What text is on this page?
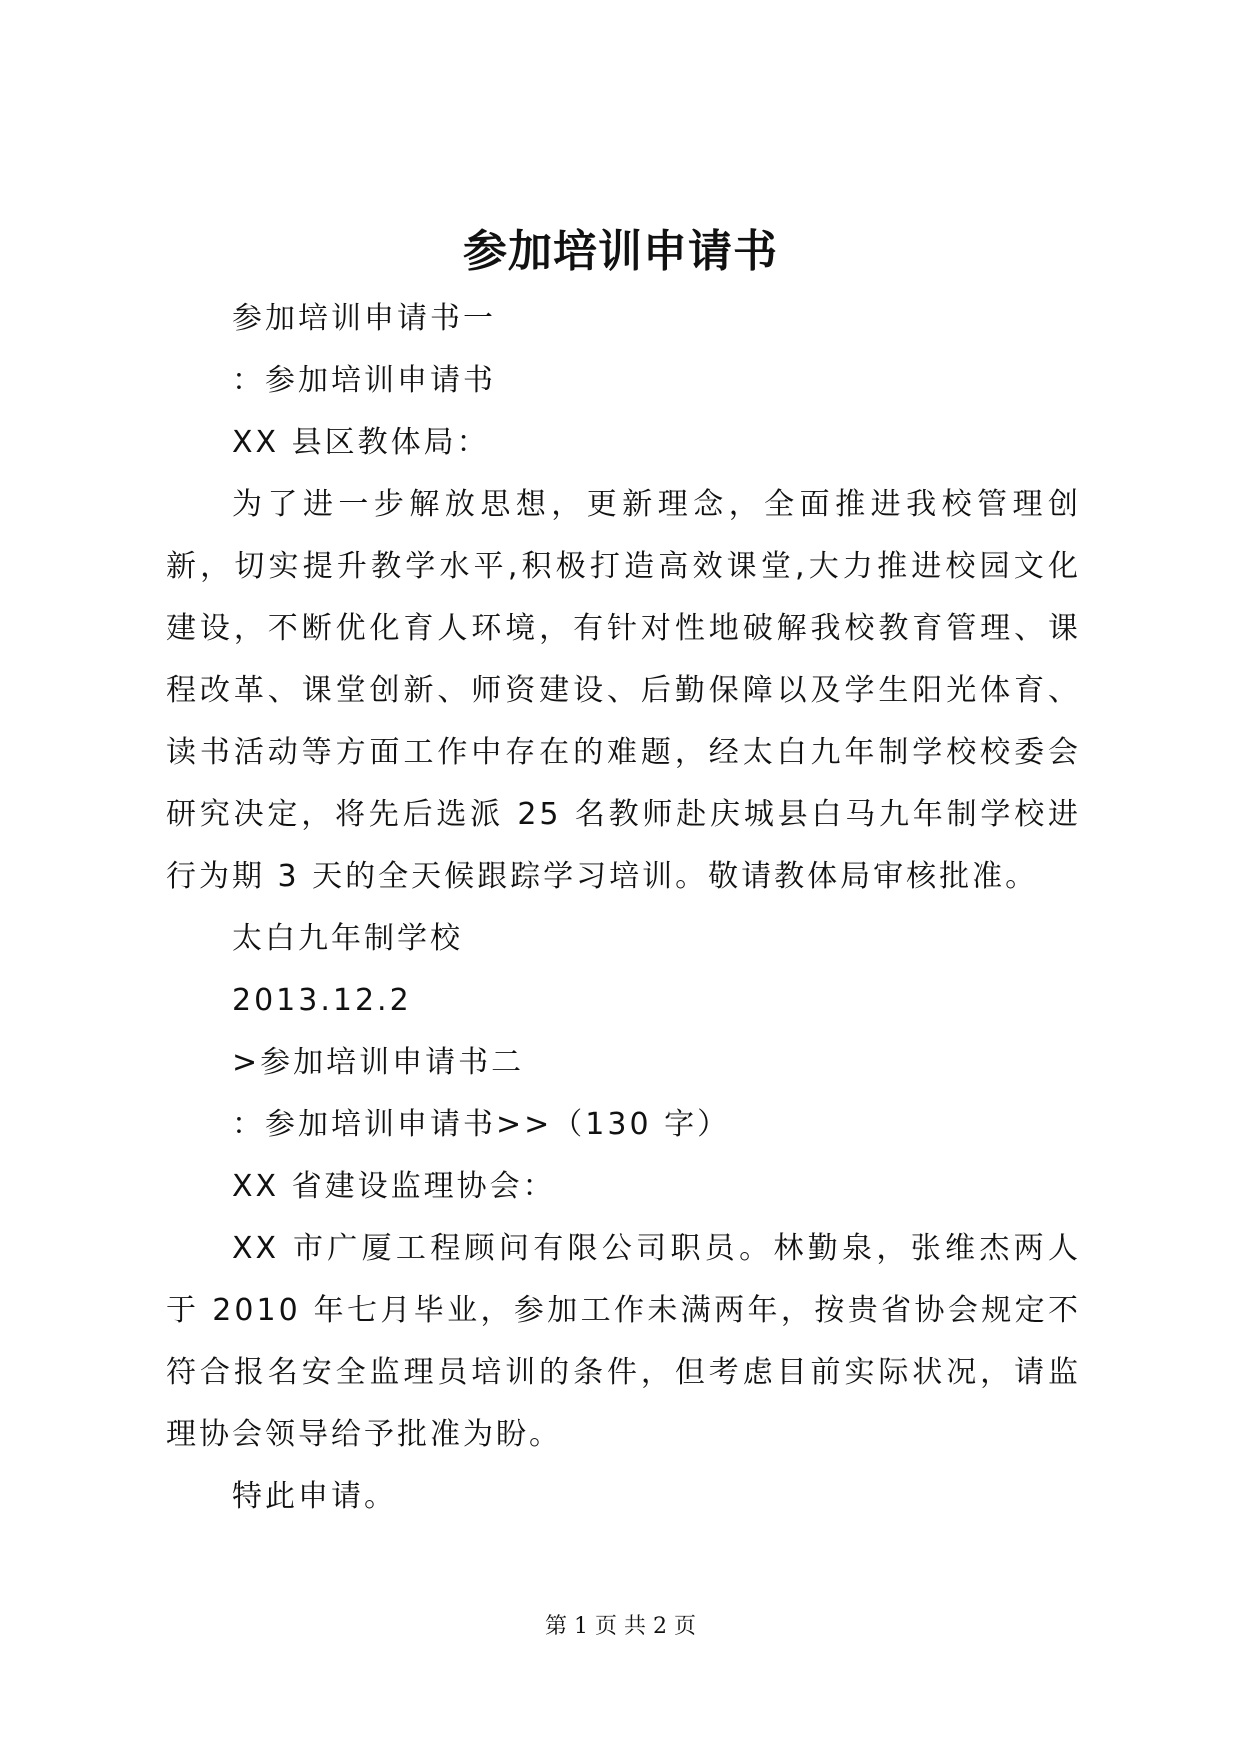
参加培训申请书

参加培训申请书一

：参加培训申请书

XX 县区教体局：

为了进一步解放思想，更新理念，全面推进我校管理创新，切实提升教学水平,积极打造高效课堂,大力推进校园文化建设，不断优化育人环境，有针对性地破解我校教育管理、课程改革、课堂创新、师资建设、后勤保障以及学生阳光体育、读书活动等方面工作中存在的难题，经太白九年制学校校委会研究决定，将先后选派 25 名教师赴庆城县白马九年制学校进行为期 3 天的全天候跟踪学习培训。敬请教体局审核批准。

太白九年制学校

2013.12.2

>参加培训申请书二

：参加培训申请书>>（130 字）

XX 省建设监理协会：

XX 市广厦工程顾问有限公司职员。林勤泉，张维杰两人于 2010 年七月毕业，参加工作未满两年，按贵省协会规定不符合报名安全监理员培训的条件，但考虑目前实际状况，请监理协会领导给予批准为盼。

特此申请。

第 1 页 共 2 页
